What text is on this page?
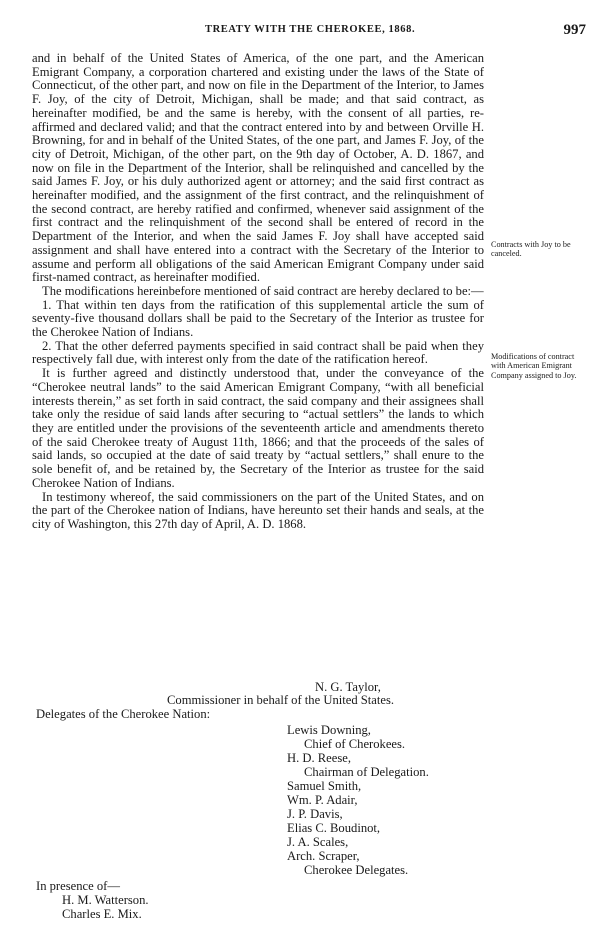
TREATY WITH THE CHEROKEE, 1868.	997

and in behalf of the United States of America, of the one part, and the American Emigrant Company, a corporation chartered and existing under the laws of the State of Connecticut, of the other part, and now on file in the Department of the Interior, to James F. Joy, of the city of Detroit, Michigan, shall be made; and that said contract, as hereinafter modified, be and the same is hereby, with the consent of all parties, re-affirmed and declared valid; and that the contract entered into by and between Orville H. Browning, for and in behalf of the United States, of the one part, and James F. Joy, of the city of Detroit, Michigan, of the other part, on the 9th day of October, A. D. 1867, and now on file in the Department of the Interior, shall be relinquished and cancelled by the said James F. Joy, or his duly authorized agent or attorney; and the said first contract as hereinafter modified, and the assignment of the first contract, and the relinquishment of the second contract, are hereby ratified and confirmed, whenever said assignment of the first contract and the relinquishment of the second shall be entered of record in the Department of the Interior, and when the said James F. Joy shall have accepted said assignment and shall have entered into a contract with the Secretary of the Interior to assume and perform all obligations of the said American Emigrant Company under said first-named contract, as hereinafter modified.

The modifications hereinbefore mentioned of said contract are hereby declared to be:—

1. That within ten days from the ratification of this supplemental article the sum of seventy-five thousand dollars shall be paid to the Secretary of the Interior as trustee for the Cherokee Nation of Indians.

2. That the other deferred payments specified in said contract shall be paid when they respectively fall due, with interest only from the date of the ratification hereof.

It is further agreed and distinctly understood that, under the conveyance of the “Cherokee neutral lands” to the said American Emigrant Company, “with all beneficial interests therein,” as set forth in said contract, the said company and their assignees shall take only the residue of said lands after securing to “actual settlers” the lands to which they are entitled under the provisions of the seventeenth article and amendments thereto of the said Cherokee treaty of August 11th, 1866; and that the proceeds of the sales of said lands, so occupied at the date of said treaty by “actual settlers,” shall enure to the sole benefit of, and be retained by, the Secretary of the Interior as trustee for the said Cherokee Nation of Indians.

In testimony whereof, the said commissioners on the part of the United States, and on the part of the Cherokee nation of Indians, have hereunto set their hands and seals, at the city of Washington, this 27th day of April, A. D. 1868.

Contracts with Joy to be canceled.
Modifications of contract with American Emigrant Company assigned to Joy.
N. G. Taylor,
Commissioner in behalf of the United States.
Delegates of the Cherokee Nation:
Lewis Downing,
Chief of Cherokees.
H. D. Reese,
Chairman of Delegation.
Samuel Smith,
Wm. P. Adair,
J. P. Davis,
Elias C. Boudinot,
J. A. Scales,
Arch. Scraper,
Cherokee Delegates.
In presence of—
H. M. Watterson.
Charles E. Mix.
